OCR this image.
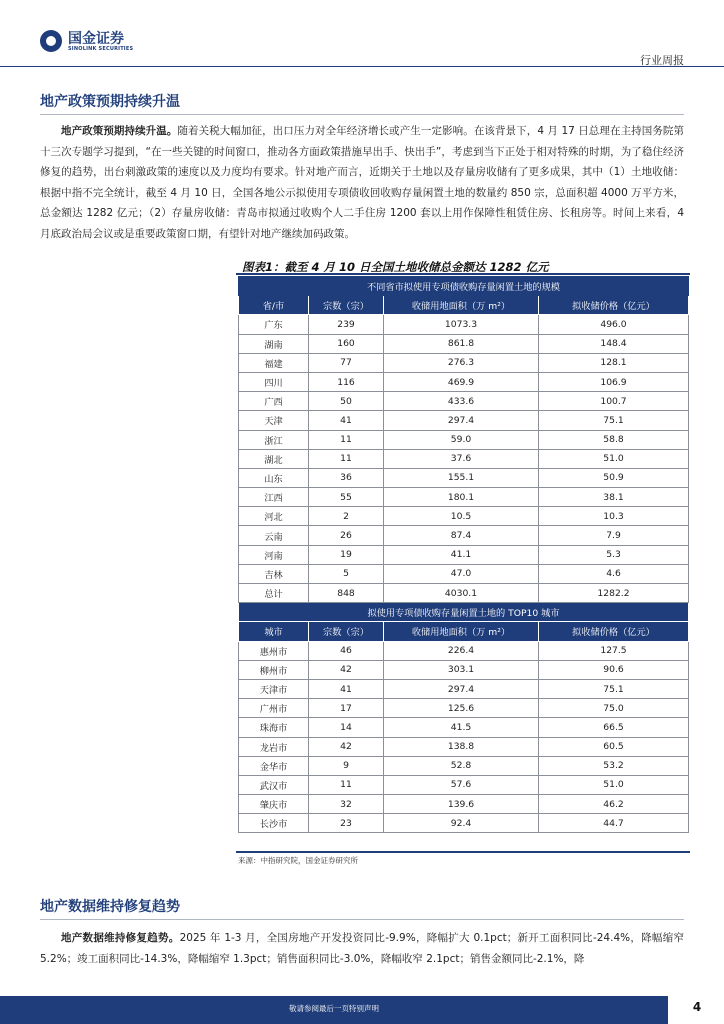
国金证券
SINOLINK SECURITIES
行业周报
地产政策预期持续升温
地产政策预期持续升温。随着关税大幅加征，出口压力对全年经济增长或产生一定影响。在该背景下，4 月 17 日总理在主持国务院第十三次专题学习提到，“在一些关键的时间窗口，推动各方面政策措施早出手、快出手”，考虑到当下正处于相对特殊的时期，为了稳住经济修复的趋势，出台刺激政策的速度以及力度均有要求。针对地产而言，近期关于土地以及存量房收储有了更多成果，其中（1）土地收储：根据中指不完全统计，截至 4 月 10 日，全国各地公示拟使用专项债收回收购存量闲置土地的数量约 850 宗，总面积超 4000 万平方米，总金额达 1282 亿元；（2）存量房收储：青岛市拟通过收购个人二手住房 1200 套以上用作保障性租赁住房、长租房等。时间上来看，4 月底政治局会议或是重要政策窗口期，有望针对地产继续加码政策。
图表1：截至 4 月 10 日全国土地收储总金额达 1282 亿元
不同省市拟使用专项债收购存量闲置土地的规模			
省/市	宗数（宗）	收储用地面积（万 m²）	拟收储价格（亿元）
广东	239	1073.3	496.0
湖南	160	861.8	148.4
福建	77	276.3	128.1
四川	116	469.9	106.9
广西	50	433.6	100.7
天津	41	297.4	75.1
浙江	11	59.0	58.8
湖北	11	37.6	51.0
山东	36	155.1	50.9
江西	55	180.1	38.1
河北	2	10.5	10.3
云南	26	87.4	7.9
河南	19	41.1	5.3
吉林	5	47.0	4.6
总计	848	4030.1	1282.2
拟使用专项债收购存量闲置土地的 TOP10 城市			
城市	宗数（宗）	收储用地面积（万 m²）	拟收储价格（亿元）
惠州市	46	226.4	127.5
柳州市	42	303.1	90.6
天津市	41	297.4	75.1
广州市	17	125.6	75.0
珠海市	14	41.5	66.5
龙岩市	42	138.8	60.5
金华市	9	52.8	53.2
武汉市	11	57.6	51.0
肇庆市	32	139.6	46.2
长沙市	23	92.4	44.7
来源：中指研究院，国金证券研究所
地产数据维持修复趋势
地产数据维持修复趋势。2025 年 1-3 月，全国房地产开发投资同比-9.9%，降幅扩大 0.1pct；新开工面积同比-24.4%，降幅缩窄 5.2%；竣工面积同比-14.3%，降幅缩窄 1.3pct；销售面积同比-3.0%，降幅收窄 2.1pct；销售金额同比-2.1%，降
敬请参阅最后一页特别声明	4
